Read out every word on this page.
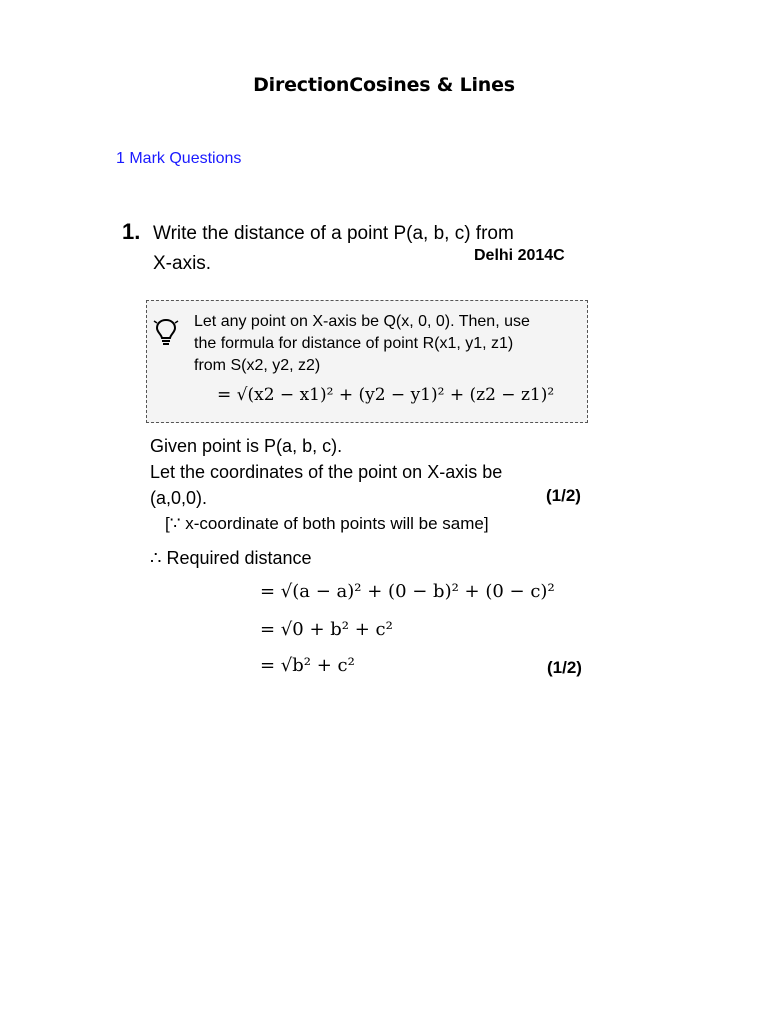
DirectionCosines & Lines
1 Mark Questions
1. Write the distance of a point P(a, b, c) from
X-axis.	Delhi 2014C
Let any point on X-axis be Q(x, 0, 0). Then, use
the formula for distance of point R(x1, y1, z1)
from S(x2, y2, z2)
= √(x2 − x1)² + (y2 − y1)² + (z2 − z1)²
Given point is P(a, b, c).
Let the coordinates of the point on X-axis be
(a,0,0).	(1/2)
[∵ x-coordinate of both points will be same]
∴ Required distance
= √(a − a)² + (0 − b)² + (0 − c)²
= √0 + b² + c²
= √b² + c²	(1/2)
